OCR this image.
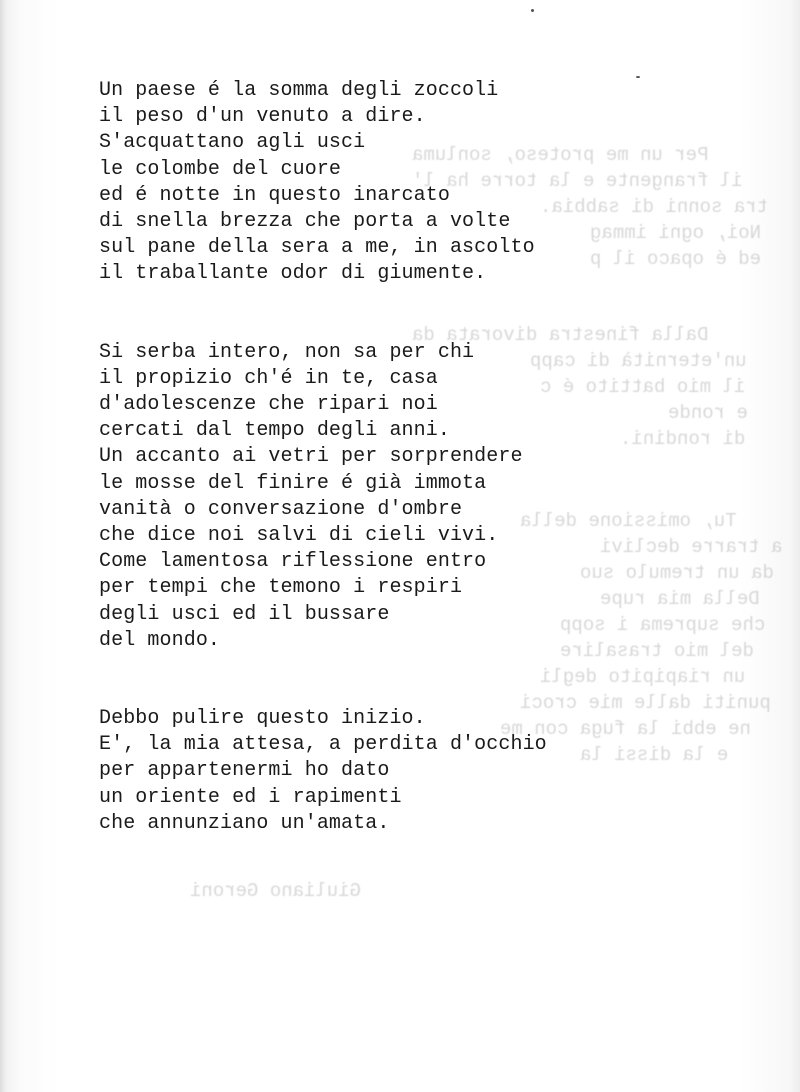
Per un me proteso, sonluma
il frangente e la torre ha l'
tra sonni di sabbia.
Noi, ogni immag
ed é opaco il p
Dalla finestra divorata da
un'eternità di capp
il mio battito é c
e ronde
di rondini.
Tu, omissione della
a trarre declivi
da un tremulo suo
Della mia rupe
che suprema i sopp
del mio trasalire
un riapipito degli
puniti dalle mie croci
ne ebbi la fuga con me
e la dissi la
Giuliano Geroni
Un paese é la somma degli zoccoli
il peso d'un venuto a dire.
S'acquattano agli usci
le colombe del cuore
ed é notte in questo inarcato
di snella brezza che porta a volte
sul pane della sera a me, in ascolto
il traballante odor di giumente.
Si serba intero, non sa per chi
il propizio ch'é in te, casa
d'adolescenze che ripari noi
cercati dal tempo degli anni.
Un accanto ai vetri per sorprendere
le mosse del finire é già immota
vanità o conversazione d'ombre
che dice noi salvi di cieli vivi.
Come lamentosa riflessione entro
per tempi che temono i respiri
degli usci ed il bussare
del mondo.
Debbo pulire questo inizio.
E', la mia attesa, a perdita d'occhio
per appartenermi ho dato
un oriente ed i rapimenti
che annunziano un'amata.
